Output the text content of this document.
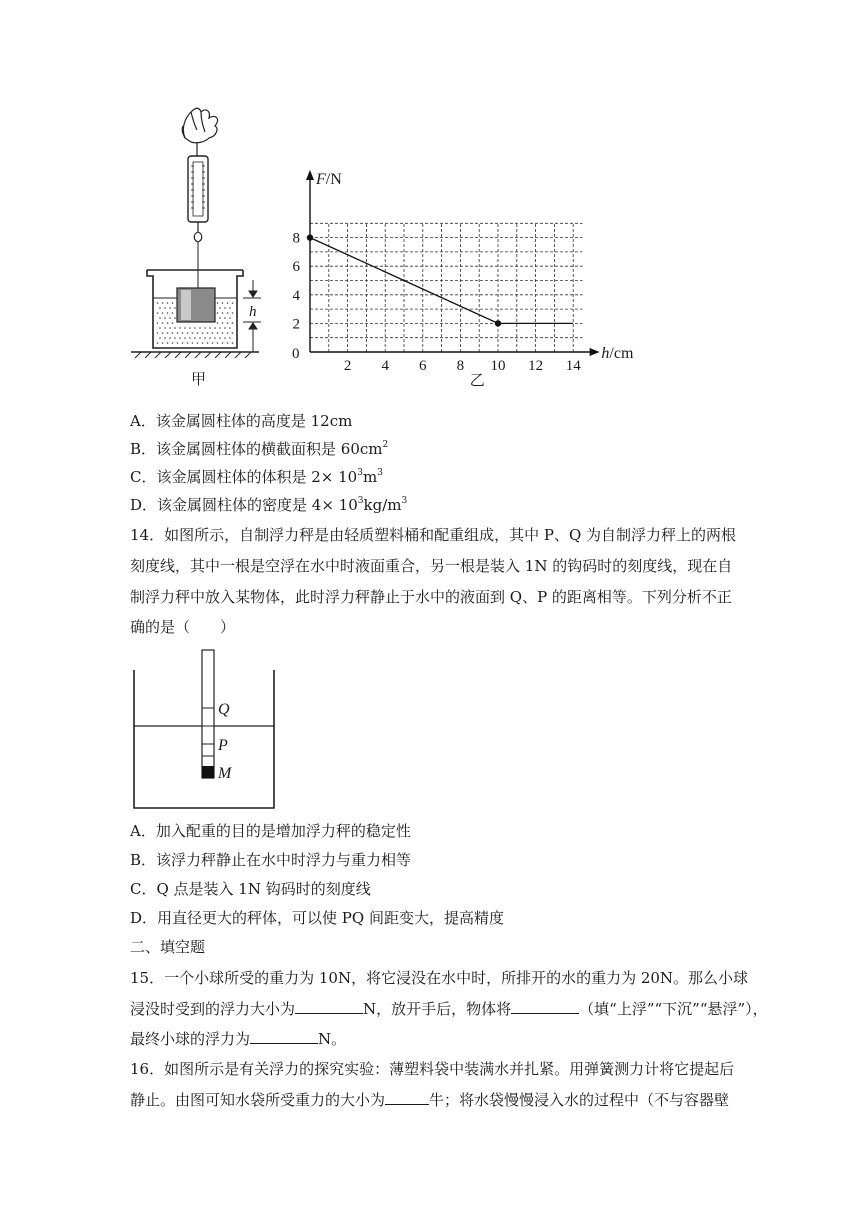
h
甲
2 4 6 8 10 12 14
2
4
6
8
F/N
h/cm
0
乙
A．该金属圆柱体的高度是 12cm
B．该金属圆柱体的横截面积是 $60cm^2$
C．该金属圆柱体的体积是 $2\times 10^3m^3$
D．该金属圆柱体的密度是 $4\times 10^3kg/m^3$
14．如图所示，自制浮力秤是由轻质塑料桶和配重组成，其中 P、Q 为自制浮力秤上的两根
刻度线，其中一根是空浮在水中时液面重合，另一根是装入 1N 的钩码时的刻度线，现在自
制浮力秤中放入某物体，此时浮力秤静止于水中的液面到 Q、P 的距离相等。下列分析不正
确的是（　　）
Q
P
M
A．加入配重的目的是增加浮力秤的稳定性
B．该浮力秤静止在水中时浮力与重力相等
C．Q 点是装入 1N 钩码时的刻度线
D．用直径更大的秤体，可以使 PQ 间距变大，提高精度
二、填空题
15．一个小球所受的重力为 10N，将它浸没在水中时，所排开的水的重力为 20N。那么小球
浸没时受到的浮力大小为	N，放开手后，物体将	（填“上浮”“下沉”“悬浮”），
最终小球的浮力为	N。
16．如图所示是有关浮力的探究实验：薄塑料袋中装满水并扎紧。用弹簧测力计将它提起后
静止。由图可知水袋所受重力的大小为	牛；将水袋慢慢浸入水的过程中（不与容器壁
